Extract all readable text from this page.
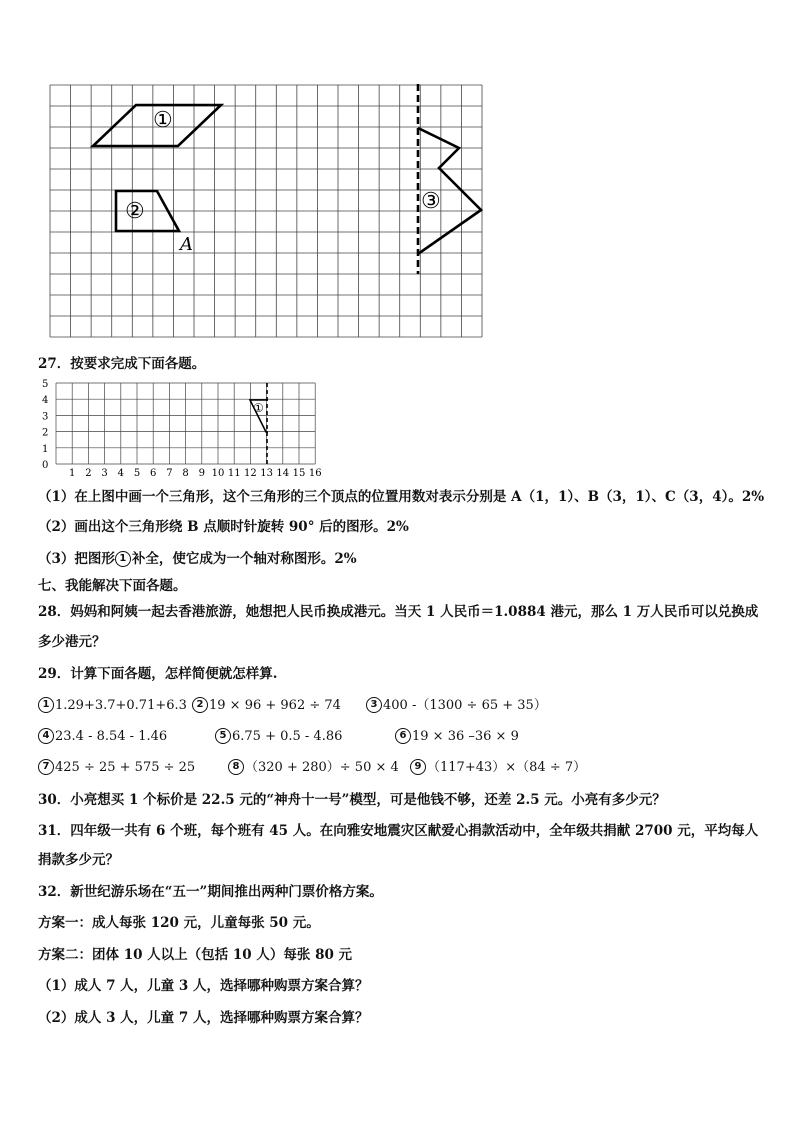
①
②
A
③
27．按要求完成下面各题。
0
1
2
3
4
5
1 2 3 4 5 6 7 8 9 10 11 12 13 14 15 16
①
（1）在上图中画一个三角形，这个三角形的三个顶点的位置用数对表示分别是 A（1，1）、B（3，1）、C（3，4）。2%
（2）画出这个三角形绕 B 点顺时针旋转 90° 后的图形。2%
（3）把图形 1 补全，使它成为一个轴对称图形。2%
七、我能解决下面各题。
28．妈妈和阿姨一起去香港旅游，她想把人民币换成港元。当天 1 人民币＝1.0884 港元，那么 1 万人民币可以兑换成
多少港元？
29．计算下面各题，怎样简便就怎样算.
1 1.29+3.7+0.71+6.3 2 19 × 96 + 962 ÷ 74	3 400 -（1300 ÷ 65 + 35）
4 23.4 - 8.54 - 1.46	5 6.75 + 0.5 - 4.86	6 19 × 36 –36 × 9
7 425 ÷ 25 + 575 ÷ 25	8 （320 + 280）÷ 50 × 4	9 （117+43）×（84 ÷ 7）
30．小亮想买 1 个标价是 22.5 元的“神舟十一号”模型，可是他钱不够，还差 2.5 元。小亮有多少元？
31．四年级一共有 6 个班，每个班有 45 人。在向雅安地震灾区献爱心捐款活动中，全年级共捐献 2700 元，平均每人
捐款多少元？
32．新世纪游乐场在“五一”期间推出两种门票价格方案。
方案一：成人每张 120 元，儿童每张 50 元。
方案二：团体 10 人以上（包括 10 人）每张 80 元
（1）成人 7 人，儿童 3 人，选择哪种购票方案合算？
（2）成人 3 人，儿童 7 人，选择哪种购票方案合算？
